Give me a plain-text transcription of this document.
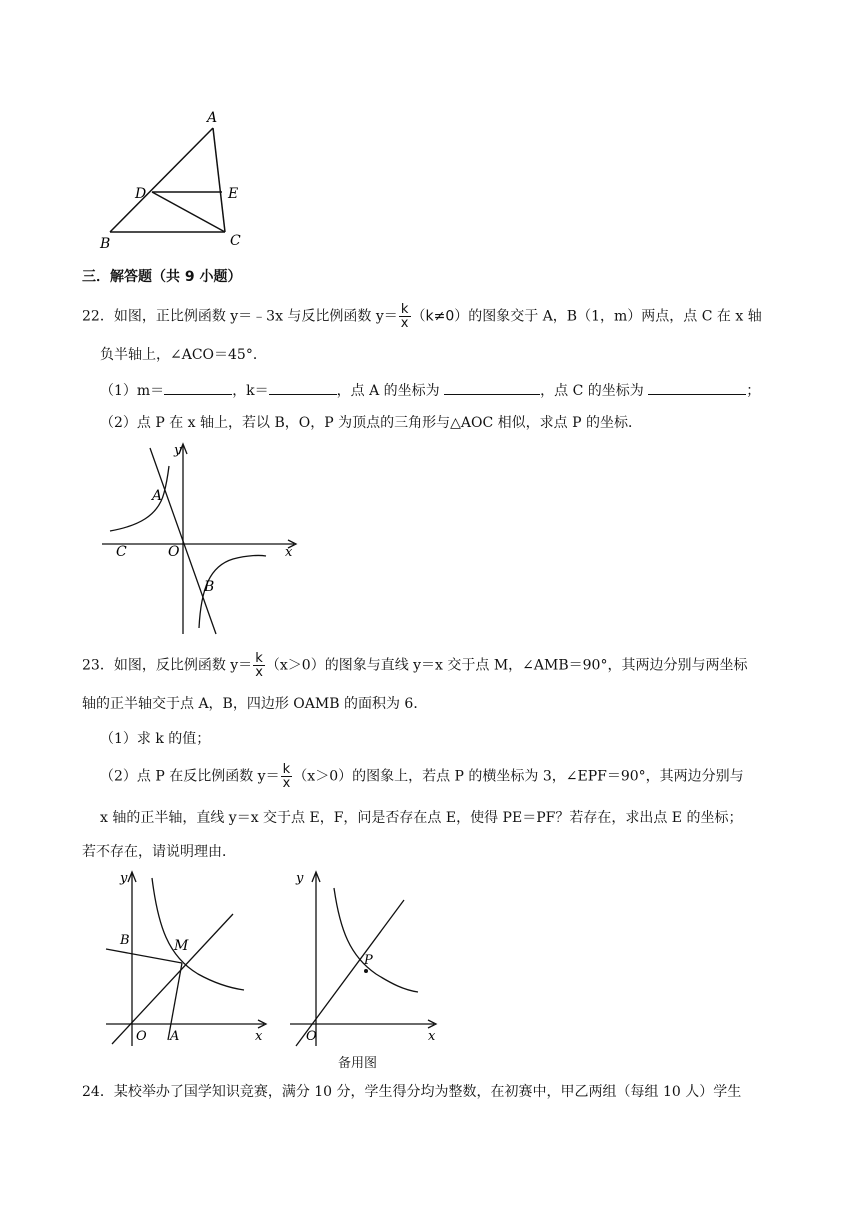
A
D	E
B	C
三．解答题（共 9 小题）
22．如图，正比例函数 y＝﹣3x 与反比例函数 $y= \frac{k}{x} (k\ne 0)$的图象交于 A，B（1，m）两点，点 C 在 x 轴
负半轴上，∠ACO＝45°．
（1）m＝	，k＝	，点 A 的坐标为	，点 C 的坐标为	；
（2）点 P 在 x 轴上，若以 B，O，P 为顶点的三角形与△AOC 相似，求点 P 的坐标．
y
A
C	O	x
B
23．如图，反比例函数 $y= \frac{k}{x} (x>0)$的图象与直线 y＝x 交于点 M，∠AMB＝90°，其两边分别与两坐标
轴的正半轴交于点 A，B，四边形 OAMB 的面积为 6．
（1）求 k 的值；
（2）点 P 在反比例函数 $y= \frac{k}{x} (x>0)$的图象上，若点 P 的横坐标为 3，∠EPF＝90°，其两边分别与
x 轴的正半轴，直线 y＝x 交于点 E，F，问是否存在点 E，使得 PE＝PF？若存在，求出点 E 的坐标；
若不存在，请说明理由．
y
B	M
O A	x
y
P
O	x
备用图
24．某校举办了国学知识竞赛，满分 10 分，学生得分均为整数，在初赛中，甲乙两组（每组 10 人）学生
